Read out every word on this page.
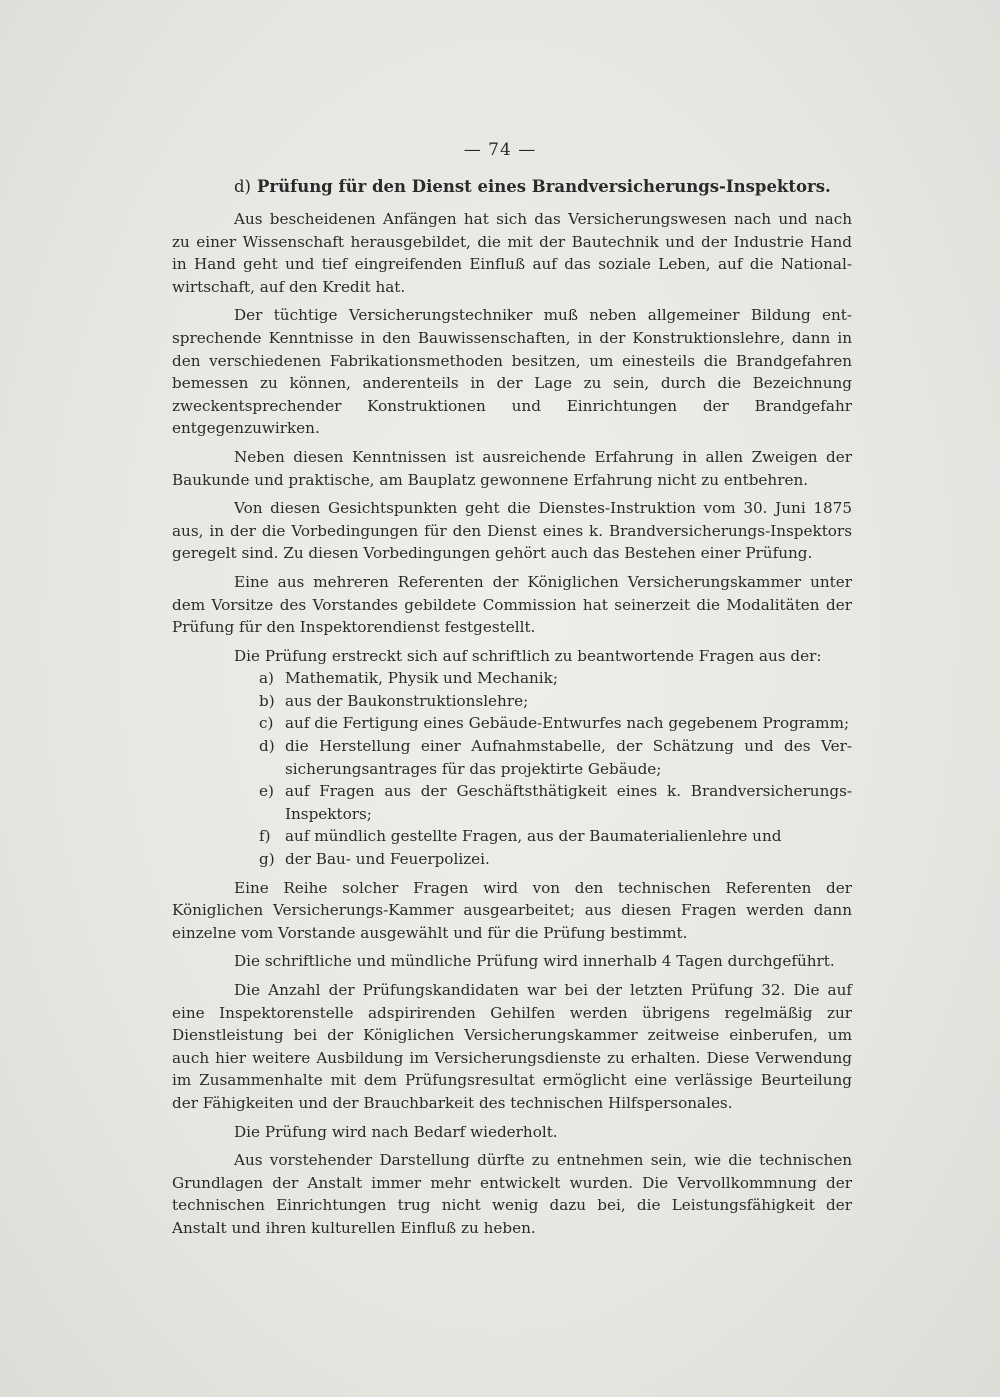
— 74 —
d) Prüfung für den Dienst eines Brandversicherungs-Inspektors.

Aus bescheidenen Anfängen hat sich das Versicherungswesen nach und nach zu einer Wissenschaft herausgebildet, die mit der Bautechnik und der Industrie Hand in Hand geht und tief eingreifenden Einfluß auf das soziale Leben, auf die Nationalwirtschaft, auf den Kredit hat.

Der tüchtige Versicherungstechniker muß neben allgemeiner Bildung entsprechende Kenntnisse in den Bauwissenschaften, in der Konstruktionslehre, dann in den verschiedenen Fabrikationsmethoden besitzen, um einesteils die Brandgefahren bemessen zu können, anderenteils in der Lage zu sein, durch die Bezeichnung zweckentsprechender Konstruktionen und Einrichtungen der Brandgefahr entgegenzuwirken.

Neben diesen Kenntnissen ist ausreichende Erfahrung in allen Zweigen der Baukunde und praktische, am Bauplatz gewonnene Erfahrung nicht zu entbehren.

Von diesen Gesichtspunkten geht die Dienstes-Instruktion vom 30. Juni 1875 aus, in der die Vorbedingungen für den Dienst eines k. Brandversicherungs-Inspektors geregelt sind. Zu diesen Vorbedingungen gehört auch das Bestehen einer Prüfung.

Eine aus mehreren Referenten der Königlichen Versicherungskammer unter dem Vorsitze des Vorstandes gebildete Commission hat seinerzeit die Modalitäten der Prüfung für den Inspektorendienst festgestellt.

Die Prüfung erstreckt sich auf schriftlich zu beantwortende Fragen aus der:

a) Mathematik, Physik und Mechanik;
b) aus der Baukonstruktionslehre;
c) auf die Fertigung eines Gebäude-Entwurfes nach gegebenem Programm;
d) die Herstellung einer Aufnahmstabelle, der Schätzung und des Versicherungsantrages für das projektirte Gebäude;
e) auf Fragen aus der Geschäftsthätigkeit eines k. Brandversicherungs-Inspektors;
f) auf mündlich gestellte Fragen, aus der Baumaterialienlehre und
g) der Bau- und Feuerpolizei.

Eine Reihe solcher Fragen wird von den technischen Referenten der Königlichen Versicherungs-Kammer ausgearbeitet; aus diesen Fragen werden dann einzelne vom Vorstande ausgewählt und für die Prüfung bestimmt.

Die schriftliche und mündliche Prüfung wird innerhalb 4 Tagen durchgeführt.

Die Anzahl der Prüfungskandidaten war bei der letzten Prüfung 32. Die auf eine Inspektorenstelle adspirirenden Gehilfen werden übrigens regelmäßig zur Dienstleistung bei der Königlichen Versicherungskammer zeitweise einberufen, um auch hier weitere Ausbildung im Versicherungsdienste zu erhalten. Diese Verwendung im Zusammenhalte mit dem Prüfungsresultat ermöglicht eine verlässige Beurteilung der Fähigkeiten und der Brauchbarkeit des technischen Hilfspersonales.

Die Prüfung wird nach Bedarf wiederholt.

Aus vorstehender Darstellung dürfte zu entnehmen sein, wie die technischen Grundlagen der Anstalt immer mehr entwickelt wurden. Die Vervollkommnung der technischen Einrichtungen trug nicht wenig dazu bei, die Leistungsfähigkeit der Anstalt und ihren kulturellen Einfluß zu heben.
